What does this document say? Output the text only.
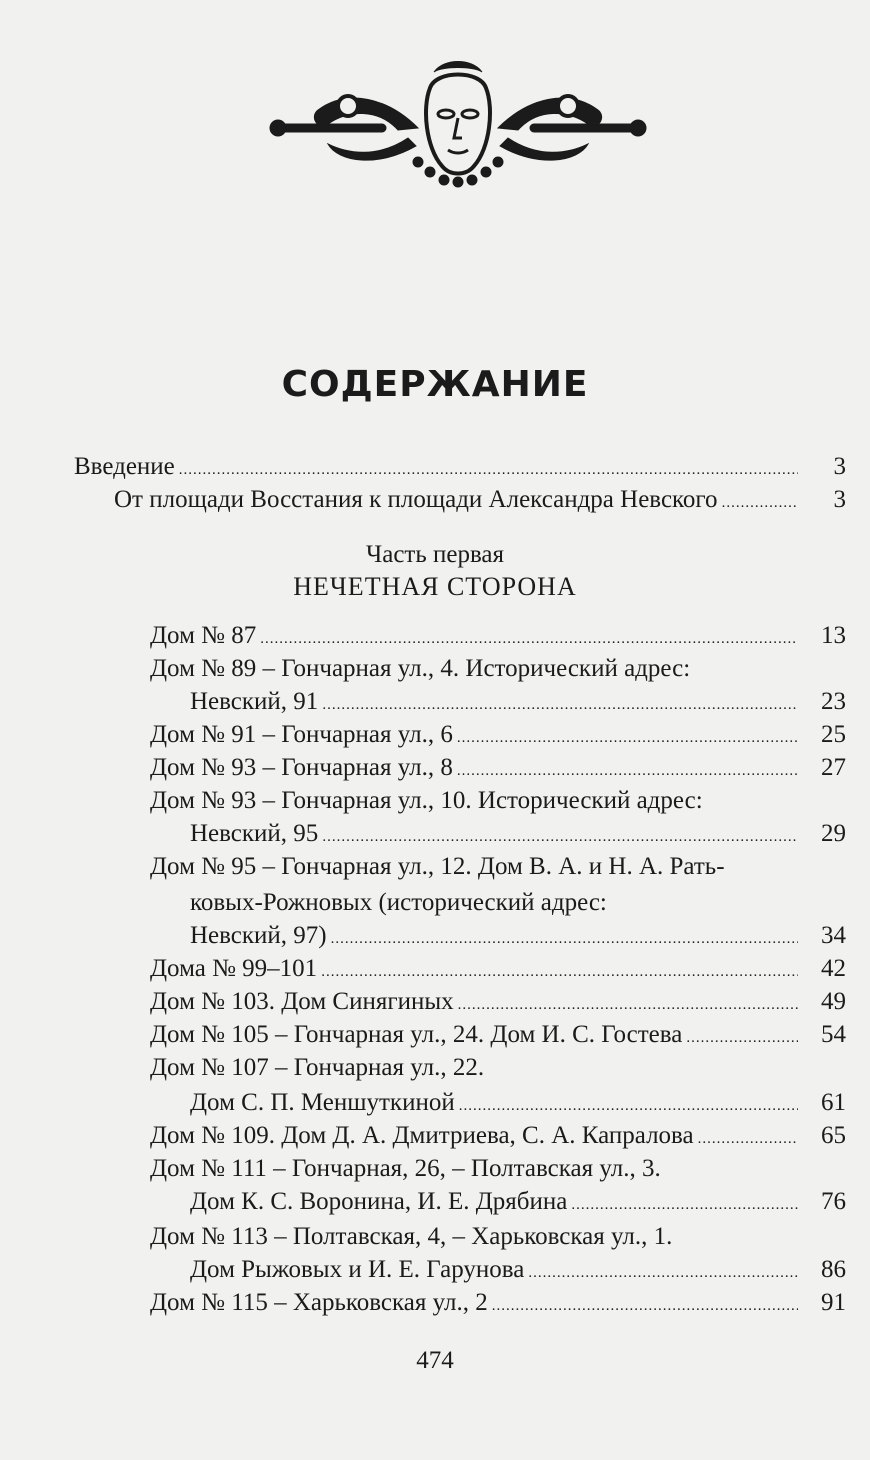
СОДЕРЖАНИЕ
Введение .....	3
От площади Восстания к площади Александра Невского .....	3
Часть первая
НЕЧЕТНАЯ СТОРОНА
Дом № 87 .....	13
Дом № 89 – Гончарная ул., 4. Исторический адрес:
Невский, 91 .....	23
Дом № 91 – Гончарная ул., 6 .....	25
Дом № 93 – Гончарная ул., 8 .....	27
Дом № 93 – Гончарная ул., 10. Исторический адрес:
Невский, 95 .....	29
Дом № 95 – Гончарная ул., 12. Дом В. А. и Н. А. Рать-
ковых-Рожновых (исторический адрес:
Невский, 97) .....	34
Дома № 99–101 .....	42
Дом № 103. Дом Синягиных .....	49
Дом № 105 – Гончарная ул., 24. Дом И. С. Гостева .....	54
Дом № 107 – Гончарная ул., 22.
Дом С. П. Меншуткиной .....	61
Дом № 109. Дом Д. А. Дмитриева, С. А. Капралова .....	65
Дом № 111 – Гончарная, 26, – Полтавская ул., 3.
Дом К. С. Воронина, И. Е. Дрябина .....	76
Дом № 113 – Полтавская, 4, – Харьковская ул., 1.
Дом Рыжовых и И. Е. Гарунова .....	86
Дом № 115 – Харьковская ул., 2 .....	91
474
